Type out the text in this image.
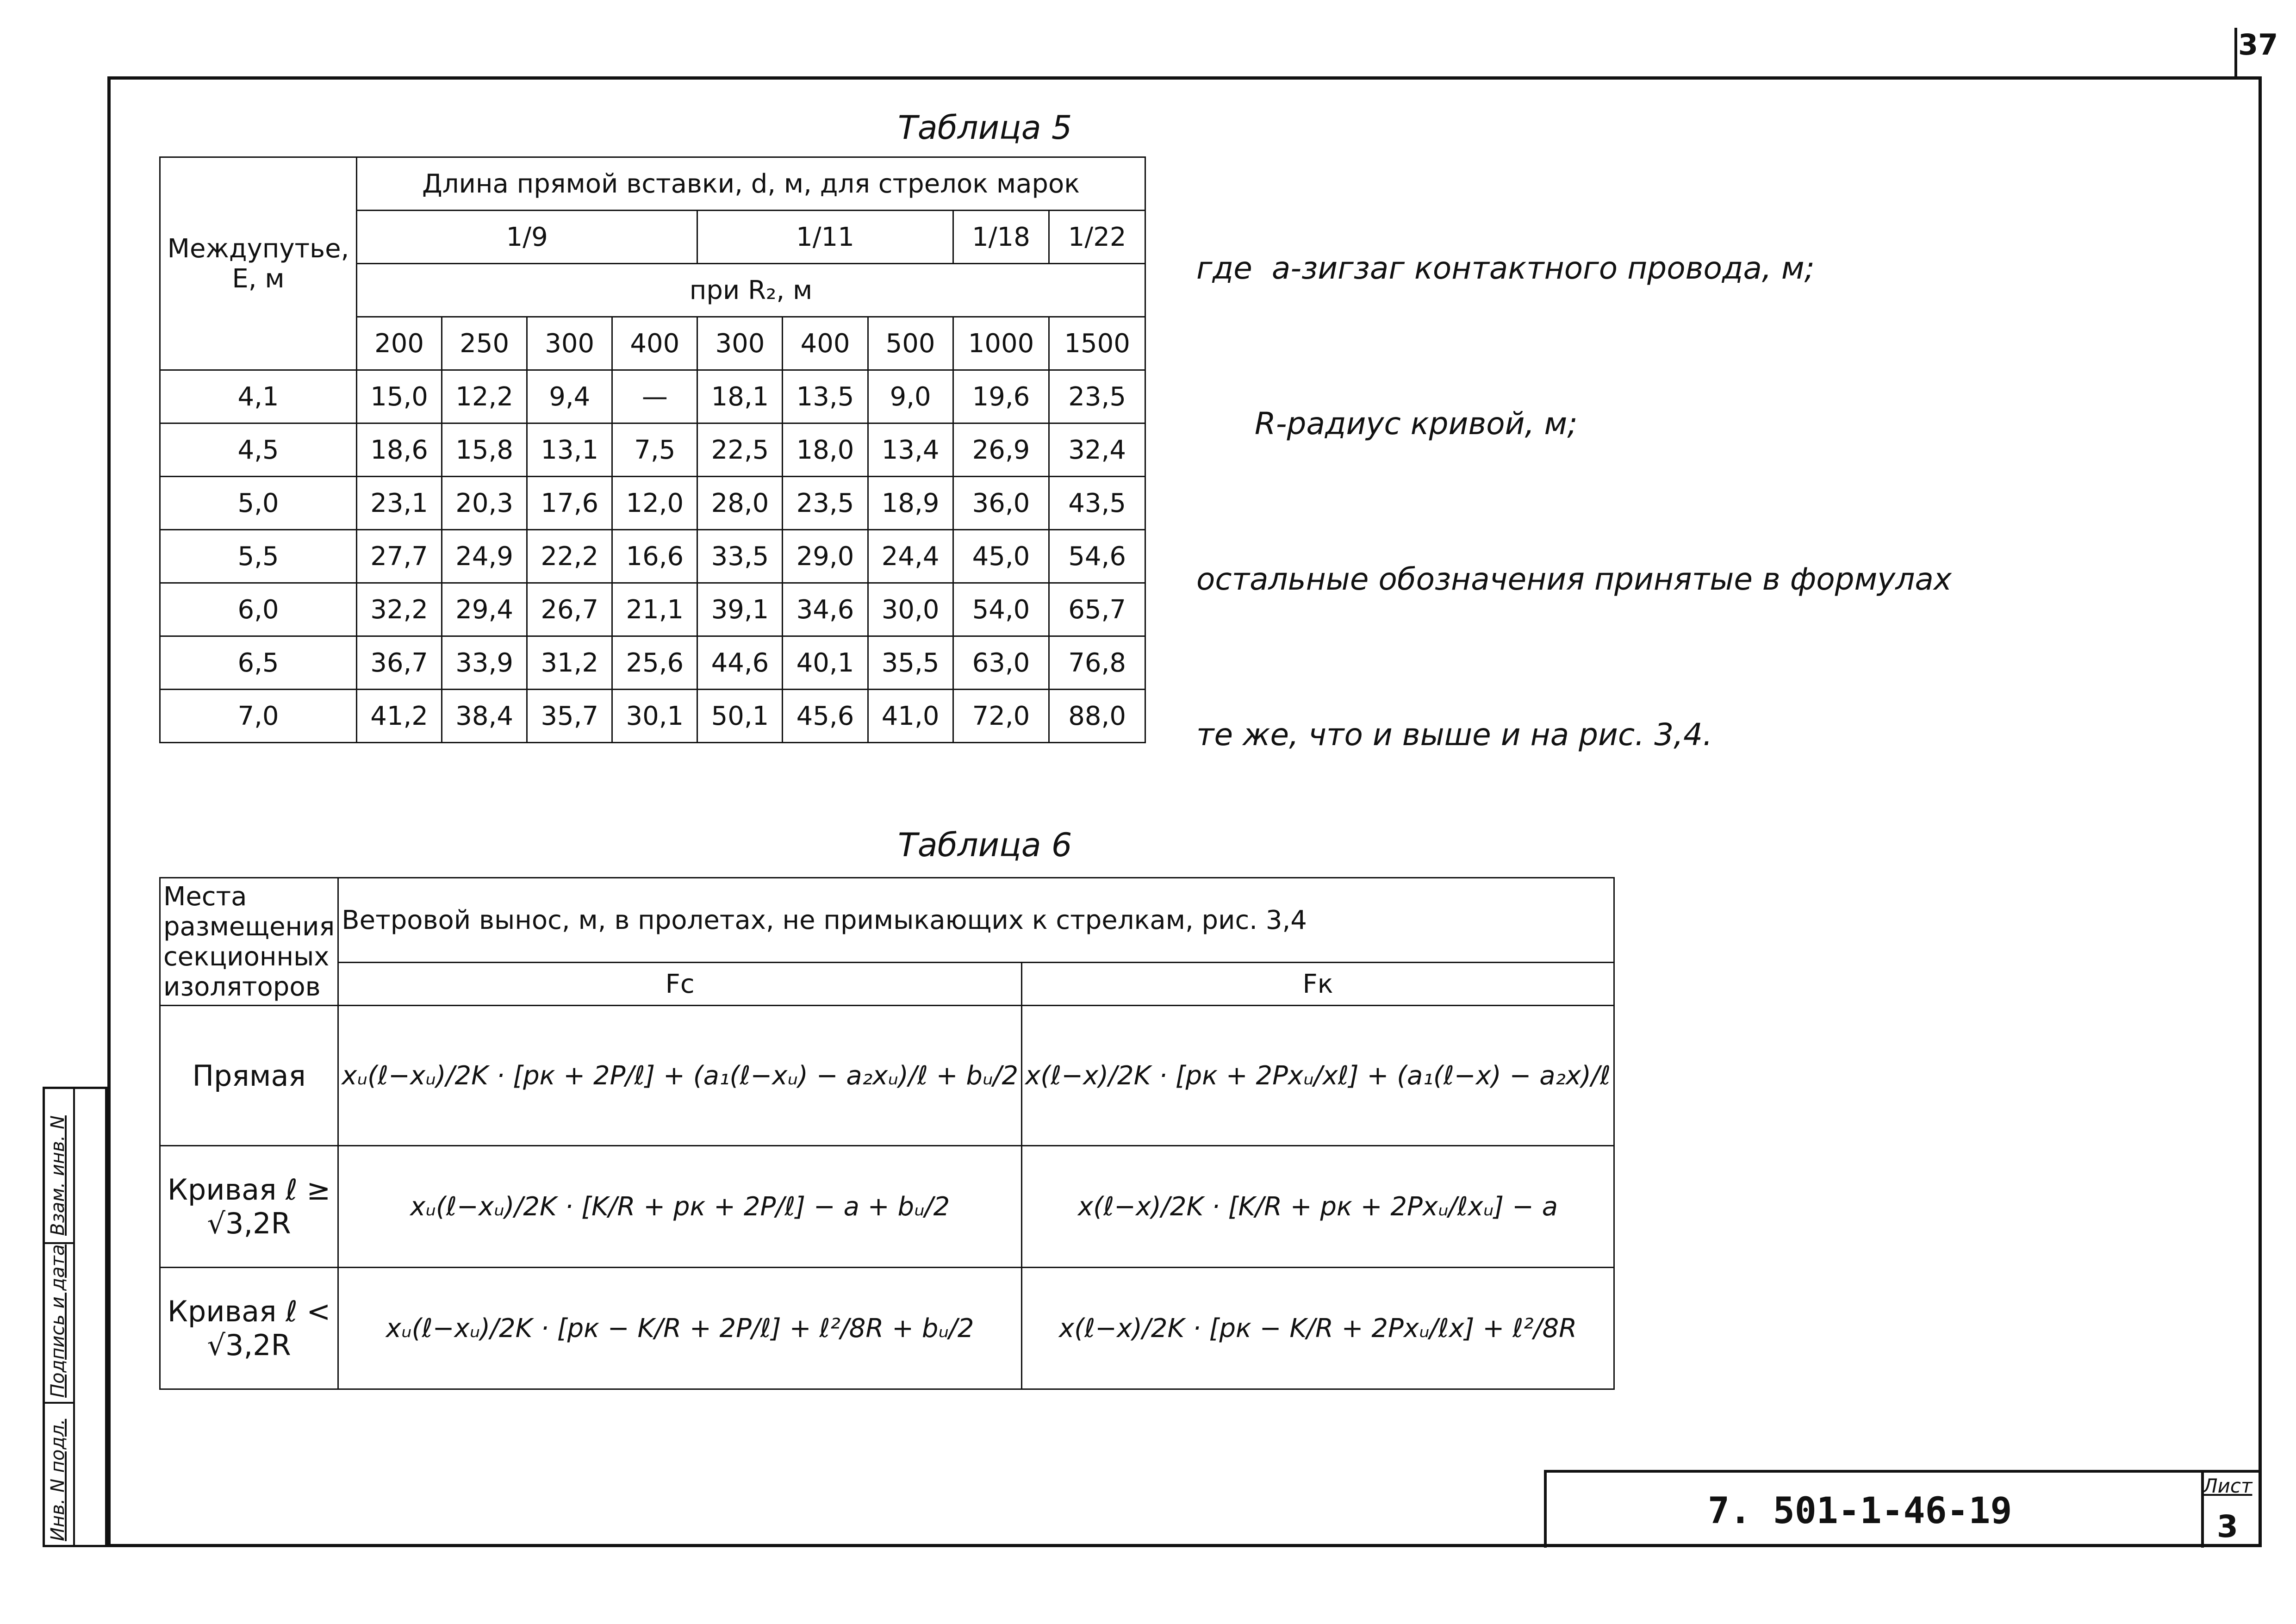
37
Таблица 5
Междупутье, Е, м	Длина прямой вставки, d, м, для стрелок марок								
	1/9				1/11			1/18	1/22
	при R₂, м								
	200	250	300	400	300	400	500	1000	1500
4,1	15,0	12,2	9,4	—	18,1	13,5	9,0	19,6	23,5
4,5	18,6	15,8	13,1	7,5	22,5	18,0	13,4	26,9	32,4
5,0	23,1	20,3	17,6	12,0	28,0	23,5	18,9	36,0	43,5
5,5	27,7	24,9	22,2	16,6	33,5	29,0	24,4	45,0	54,6
6,0	32,2	29,4	26,7	21,1	39,1	34,6	30,0	54,0	65,7
6,5	36,7	33,9	31,2	25,6	44,6	40,1	35,5	63,0	76,8
7,0	41,2	38,4	35,7	30,1	50,1	45,6	41,0	72,0	88,0
Таблица 6
Места размещения секционных изоляторов	Ветровой вынос, м, в пролетах, не примыкающих к стрелкам, рис. 3,4	
	Fс	Fк
Прямая	xᵤ(ℓ−xᵤ)/2K · [pк + 2P/ℓ] + (a₁(ℓ−xᵤ) − a₂xᵤ)/ℓ + bᵤ/2	x(ℓ−x)/2K · [pк + 2Pxᵤ/xℓ] + (a₁(ℓ−x) − a₂x)/ℓ
Кривая ℓ ≥ √3,2R	xᵤ(ℓ−xᵤ)/2K · [K/R + pк + 2P/ℓ] − a + bᵤ/2	x(ℓ−x)/2K · [K/R + pк + 2Pxᵤ/ℓxᵤ] − a
Кривая ℓ < √3,2R	xᵤ(ℓ−xᵤ)/2K · [pк − K/R + 2P/ℓ] + ℓ²/8R + bᵤ/2	x(ℓ−x)/2K · [pк − K/R + 2Pxᵤ/ℓx] + ℓ²/8R

где  a-зигзаг контактного провода, м;

R-радиус кривой, м;

остальные обозначения принятые в формулах

те же, что и выше и на рис. 3,4.

7. 501-1-46-19
Лист
3
Взам. инв. N
Подпись и дата
Инв. N подл.
